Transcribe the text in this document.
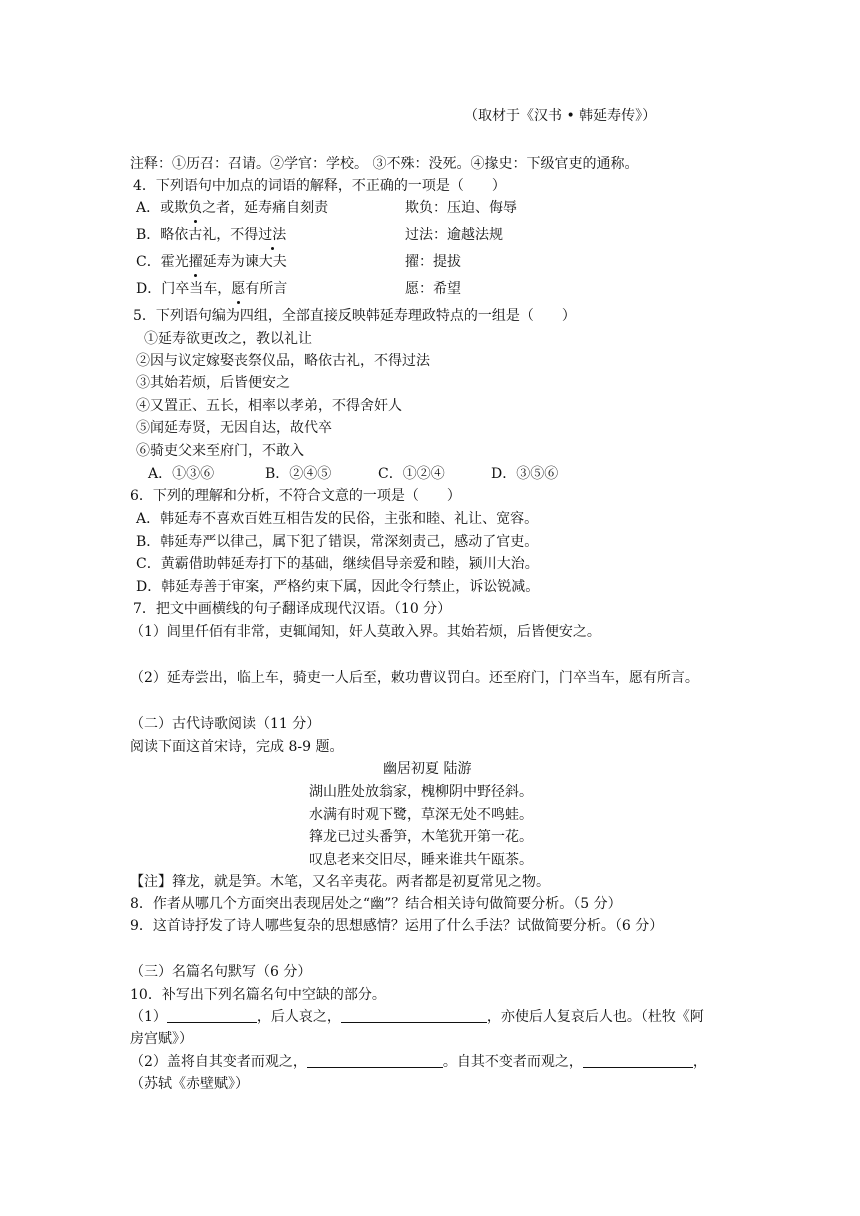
（取材于《汉书 • 韩延寿传》）
注释：①历召：召请。②学官：学校。 ③不殊：没死。④掾史：下级官吏的通称。
4．下列语句中加点的词语的解释，不正确的一项是（　　）
A．或欺负之者，延寿痛自刻责	欺负：压迫、侮辱
B．略依古礼，不得过法	过法：逾越法规
C．霍光擢延寿为谏大夫	擢：提拔
D．门卒当车，愿有所言	愿：希望
5．下列语句编为四组，全部直接反映韩延寿理政特点的一组是（　　）
①延寿欲更改之，教以礼让
②因与议定嫁娶丧祭仪品，略依古礼，不得过法
③其始若烦，后皆便安之
④又置正、五长，相率以孝弟，不得舍奸人
⑤闻延寿贤，无因自达，故代卒
⑥骑吏父来至府门，不敢入
A．①③⑥	B．②④⑤	C．①②④	D．③⑤⑥
6．下列的理解和分析，不符合文意的一项是（　　）
A．韩延寿不喜欢百姓互相告发的民俗，主张和睦、礼让、宽容。
B．韩延寿严以律己，属下犯了错误，常深刻责己，感动了官吏。
C．黄霸借助韩延寿打下的基础，继续倡导亲爱和睦，颍川大治。
D．韩延寿善于审案，严格约束下属，因此令行禁止，诉讼锐减。
7．把文中画横线的句子翻译成现代汉语。（10 分）
（1）闾里仟佰有非常，吏辄闻知，奸人莫敢入界。其始若烦，后皆便安之。
（2）延寿尝出，临上车，骑吏一人后至，敕功曹议罚白。还至府门，门卒当车，愿有所言。
（二）古代诗歌阅读（11 分）
阅读下面这首宋诗，完成 8-9 题。
幽居初夏 陆游
湖山胜处放翁家，槐柳阴中野径斜。
水满有时观下鹭，草深无处不鸣蛙。
箨龙已过头番笋，木笔犹开第一花。
叹息老来交旧尽，睡来谁共午瓯茶。
【注】箨龙，就是笋。木笔，又名辛夷花。两者都是初夏常见之物。
8．作者从哪几个方面突出表现居处之“幽”？结合相关诗句做简要分析。（5 分）
9．这首诗抒发了诗人哪些复杂的思想感情？运用了什么手法？试做简要分析。（6 分）
（三）名篇名句默写（6 分）
10．补写出下列名篇名句中空缺的部分。
（1）	，后人哀之，	，亦使后人复哀后人也。（杜牧《阿
房宫赋》）
（2）盖将自其变者而观之，	。自其不变者而观之，	，
（苏轼《赤壁赋》）
